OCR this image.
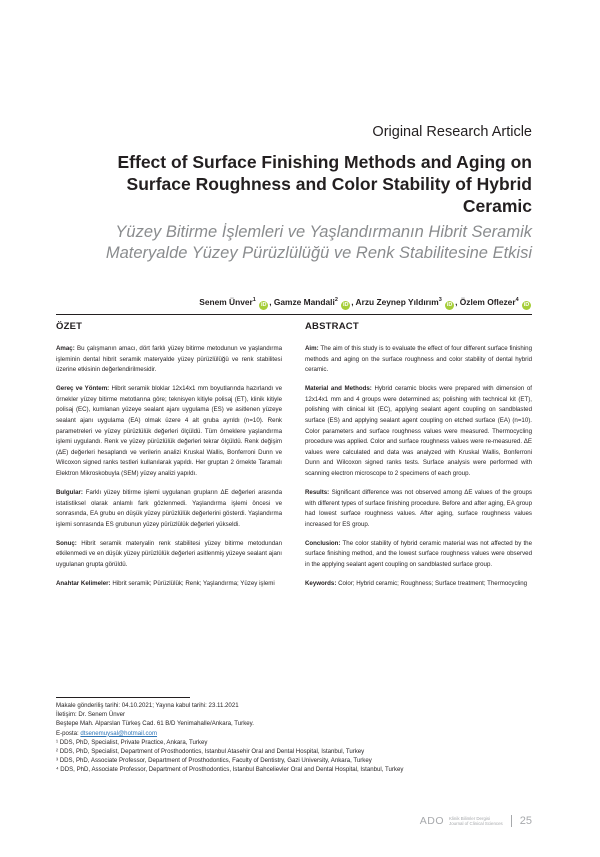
Original Research Article
Effect of Surface Finishing Methods and Aging on Surface Roughness and Color Stability of Hybrid Ceramic
Yüzey Bitirme İşlemleri ve Yaşlandırmanın Hibrit Seramik Materyalde Yüzey Pürüzlülüğü ve Renk Stabilitesine Etkisi
Senem Ünver$^1$ iD , Gamze Mandali$^2$ iD , Arzu Zeynep Yıldırım$^3$ iD , Özlem Oflezer$^4$ iD
ÖZET	ABSTRACT

Amaç: Bu çalışmanın amacı, dört farklı yüzey bitirme metodunun ve yaşlandırma işleminin dental hibrit seramik materyalde yüzey pürüzlülüğü ve renk stabilitesi üzerine etkisinin değerlendirilmesidir.

Gereç ve Yöntem: Hibrit seramik bloklar 12x14x1 mm boyutlarında hazırlandı ve örnekler yüzey bitirme metotlarına göre; teknisyen kitiyle polisaj (ET), klinik kitiyle polisaj (EC), kumlanan yüzeye sealant ajanı uygulama (ES) ve asitlenen yüzeye sealant ajanı uygulama (EA) olmak üzere 4 alt gruba ayrıldı (n=10). Renk parametreleri ve yüzey pürüzlülük değerleri ölçüldü. Tüm örneklere yaşlandırma işlemi uygulandı. Renk ve yüzey pürüzlülük değerleri tekrar ölçüldü. Renk değişim (ΔE) değerleri hesaplandı ve verilerin analizi Kruskal Wallis, Bonferroni Dunn ve Wilcoxon signed ranks testleri kullanılarak yapıldı. Her gruptan 2 örnekte Taramalı Elektron Mikroskobuyla (SEM) yüzey analizi yapıldı.

Bulgular: Farklı yüzey bitirme işlemi uygulanan grupların ΔE değerleri arasında istatistiksel olarak anlamlı fark gözlenmedi. Yaşlandırma işlemi öncesi ve sonrasında, EA grubu en düşük yüzey pürüzlülük değerlerini gösterdi. Yaşlandırma işlemi sonrasında ES grubunun yüzey pürüzlülük değerleri yükseldi.

Sonuç: Hibrit seramik materyalin renk stabilitesi yüzey bitirme metodundan etkilenmedi ve en düşük yüzey pürüzlülük değerleri asitlenmiş yüzeye sealant ajanı uygulanan grupta görüldü.

Anahtar Kelimeler: Hibrit seramik; Pürüzlülük; Renk; Yaşlandırma; Yüzey işlemi

Aim: The aim of this study is to evaluate the effect of four different surface finishing methods and aging on the surface roughness and color stability of dental hybrid ceramic.

Material and Methods: Hybrid ceramic blocks were prepared with dimension of 12x14x1 mm and 4 groups were determined as; polishing with technical kit (ET), polishing with clinical kit (EC), applying sealant agent coupling on sandblasted surface (ES) and applying sealant agent coupling on etched surface (EA) (n=10). Color parameters and surface roughness values were measured. Thermocycling procedure was applied. Color and surface roughness values were re-measured. ΔE values were calculated and data was analyzed with Kruskal Wallis, Bonferroni Dunn and Wilcoxon signed ranks tests. Surface analysis were performed with scanning electron microscope to 2 specimens of each group.

Results: Significant difference was not observed among ΔE values of the groups with different types of surface finishing procedure. Before and after aging, EA group had lowest surface roughness values. After aging, surface roughness values increased for ES group.

Conclusion: The color stability of hybrid ceramic material was not affected by the surface finishing method, and the lowest surface roughness values were observed in the applying sealant agent coupling on sandblasted surface group.

Keywords: Color; Hybrid ceramic; Roughness; Surface treatment; Thermocycling

Makale gönderiliş tarihi: 04.10.2021; Yayına kabul tarihi: 23.11.2021
İletişim: Dr. Senem Ünver
Beştepe Mah. Alparslan Türkeş Cad. 61 B/D Yenimahalle/Ankara, Turkey.
E-posta: dtsenemuysal@hotmail.com
¹ DDS, PhD, Specialist, Private Practice, Ankara, Turkey
² DDS, PhD, Specialist, Department of Prosthodontics, Istanbul Atasehir Oral and Dental Hospital, Istanbul, Turkey
³ DDS, PhD, Associate Professor, Department of Prosthodontics, Faculty of Dentistry, Gazi University, Ankara, Turkey
⁴ DDS, PhD, Associate Professor, Department of Prosthodontics, Istanbul Bahcelievler Oral and Dental Hospital, Istanbul, Turkey
ADO Klinik Bilimler Dergisi
Journal of Clinical Sciences 25
